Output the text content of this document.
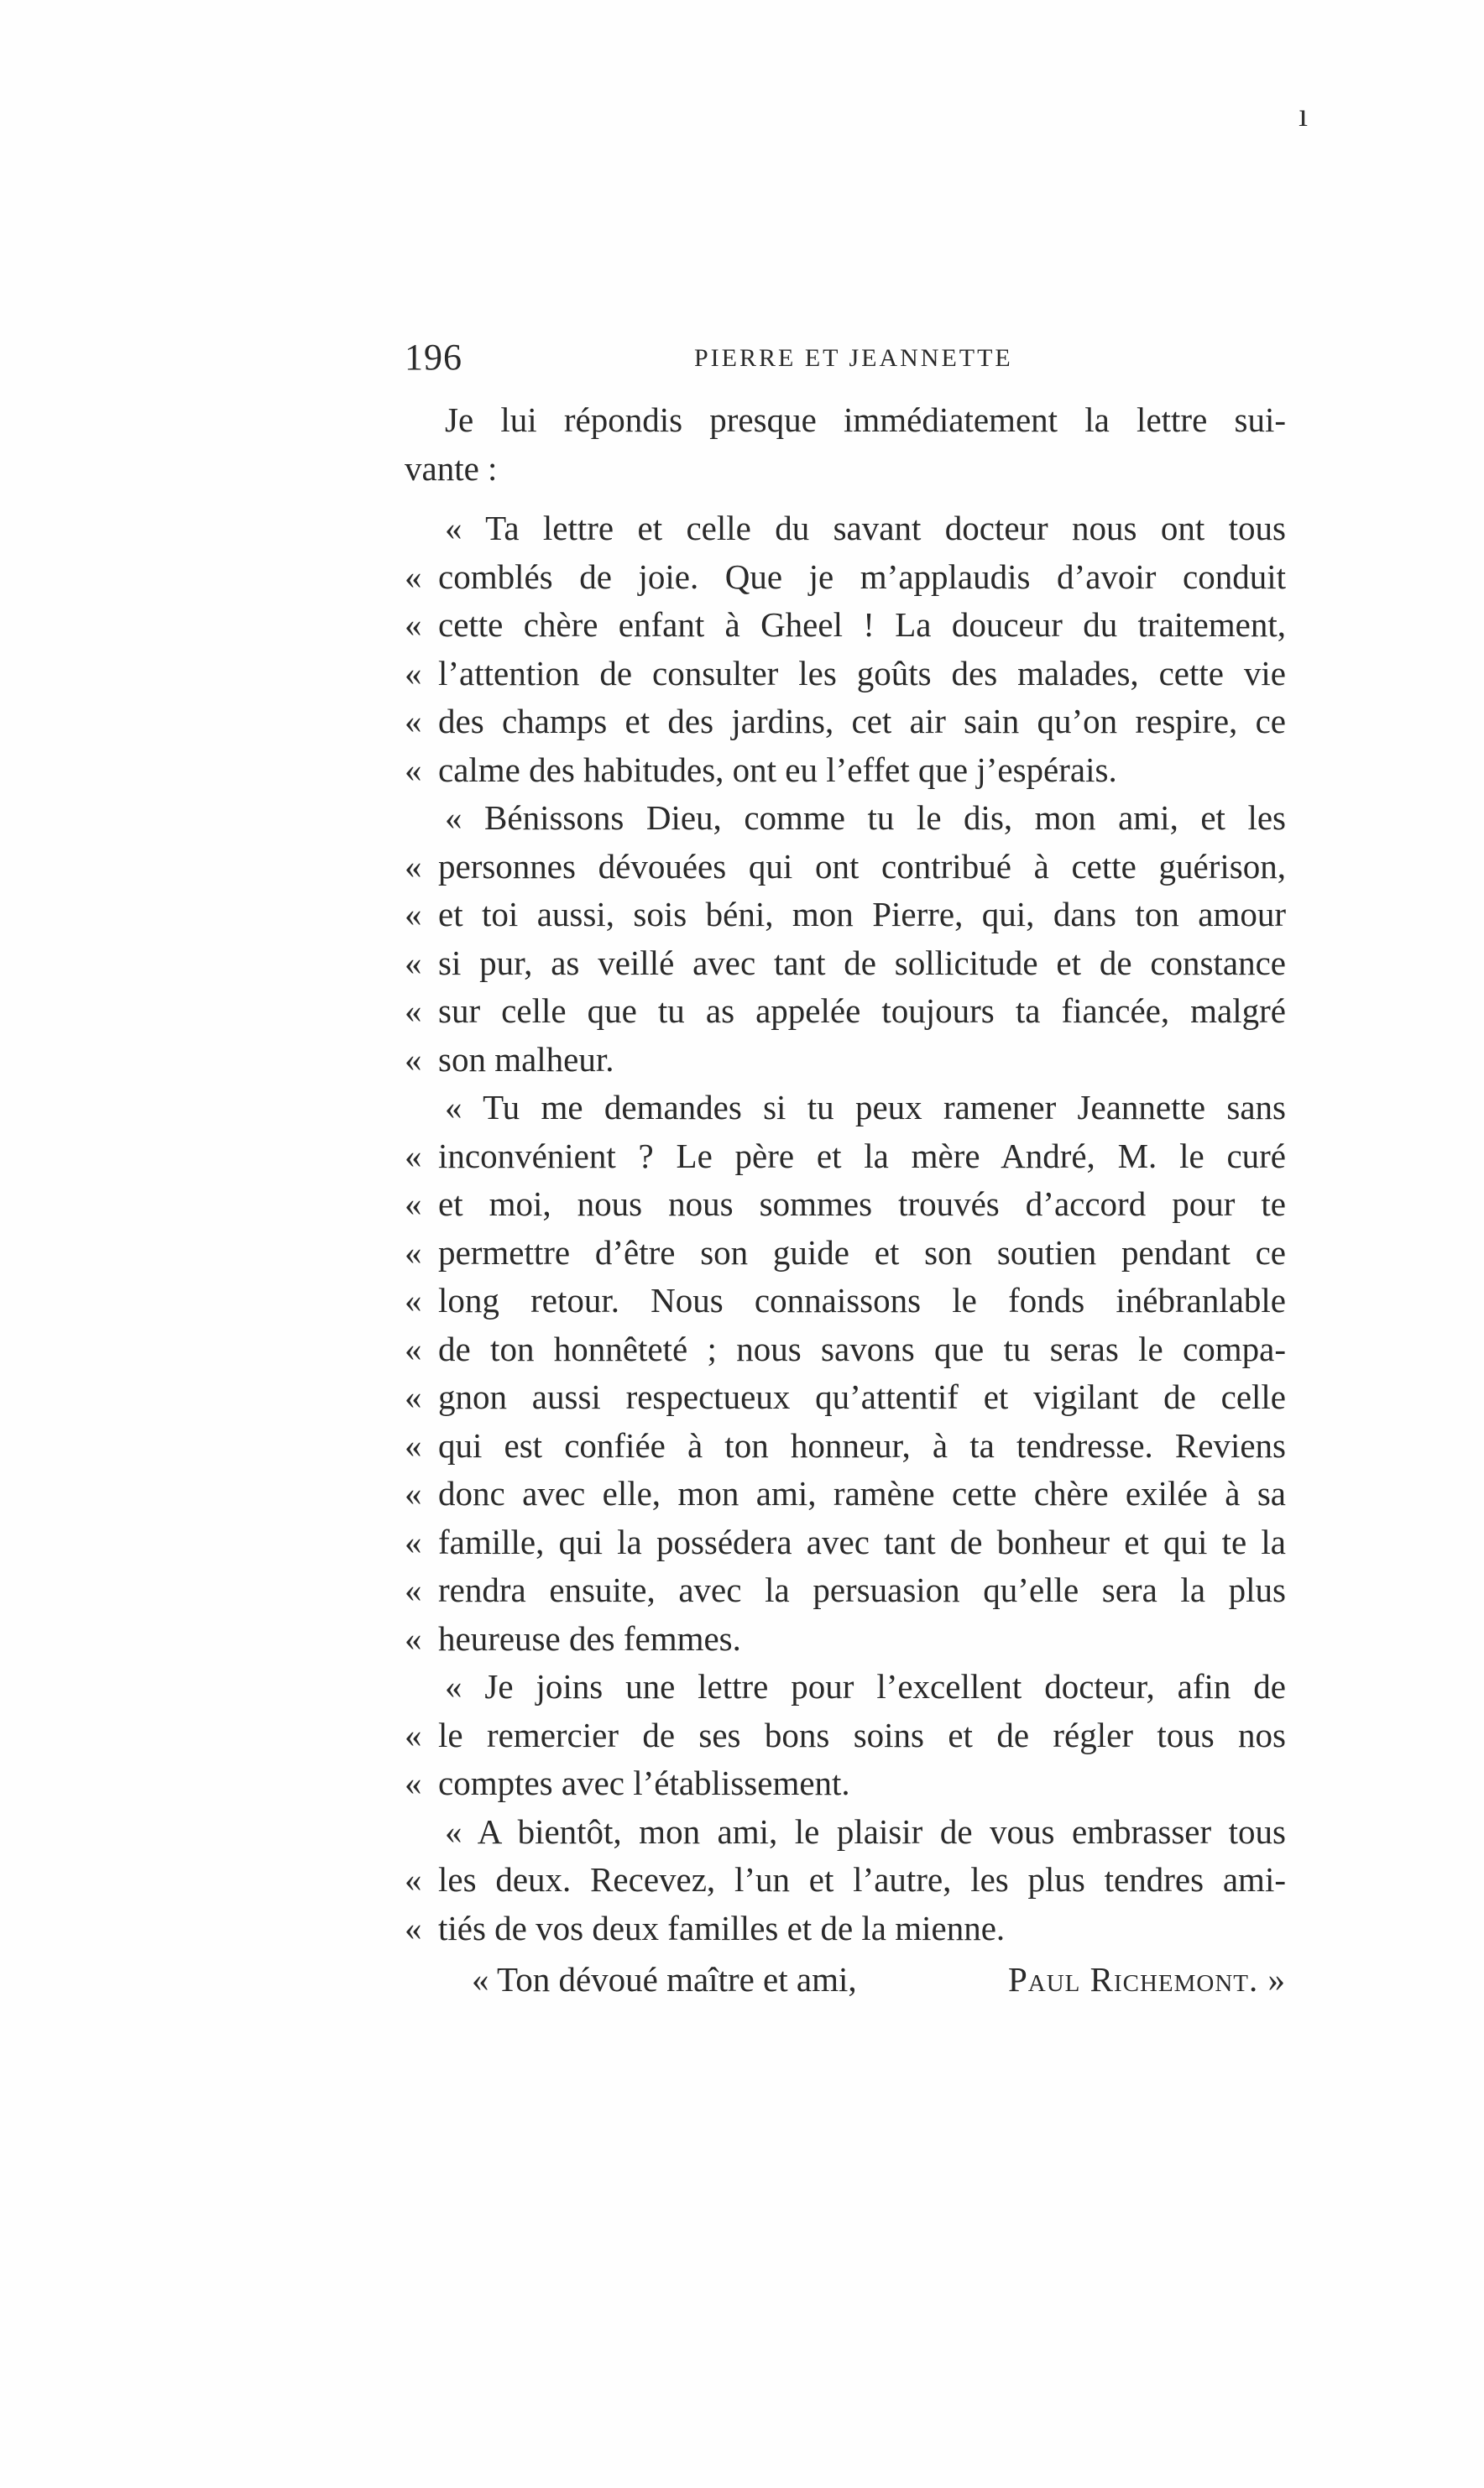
ı
196	PIERRE ET JEANNETTE
Je lui répondis presque immédiatement la lettre sui-
vante :
« Ta lettre et celle du savant docteur nous ont tous
« comblés de joie. Que je m’applaudis d’avoir conduit
« cette chère enfant à Gheel ! La douceur du traitement,
« l’attention de consulter les goûts des malades, cette vie
« des champs et des jardins, cet air sain qu’on respire, ce
« calme des habitudes, ont eu l’effet que j’espérais.
« Bénissons Dieu, comme tu le dis, mon ami, et les
« personnes dévouées qui ont contribué à cette guérison,
« et toi aussi, sois béni, mon Pierre, qui, dans ton amour
« si pur, as veillé avec tant de sollicitude et de constance
« sur celle que tu as appelée toujours ta fiancée, malgré
« son malheur.
« Tu me demandes si tu peux ramener Jeannette sans
« inconvénient ? Le père et la mère André, M. le curé
« et moi, nous nous sommes trouvés d’accord pour te
« permettre d’être son guide et son soutien pendant ce
« long retour. Nous connaissons le fonds inébranlable
« de ton honnêteté ; nous savons que tu seras le compa-
« gnon aussi respectueux qu’attentif et vigilant de celle
« qui est confiée à ton honneur, à ta tendresse. Reviens
« donc avec elle, mon ami, ramène cette chère exilée à sa
« famille, qui la possédera avec tant de bonheur et qui te la
« rendra ensuite, avec la persuasion qu’elle sera la plus
« heureuse des femmes.
« Je joins une lettre pour l’excellent docteur, afin de
« le remercier de ses bons soins et de régler tous nos
« comptes avec l’établissement.
« A bientôt, mon ami, le plaisir de vous embrasser tous
« les deux. Recevez, l’un et l’autre, les plus tendres ami-
« tiés de vos deux familles et de la mienne.
« Ton dévoué maître et ami,	Paul Richemont. »
